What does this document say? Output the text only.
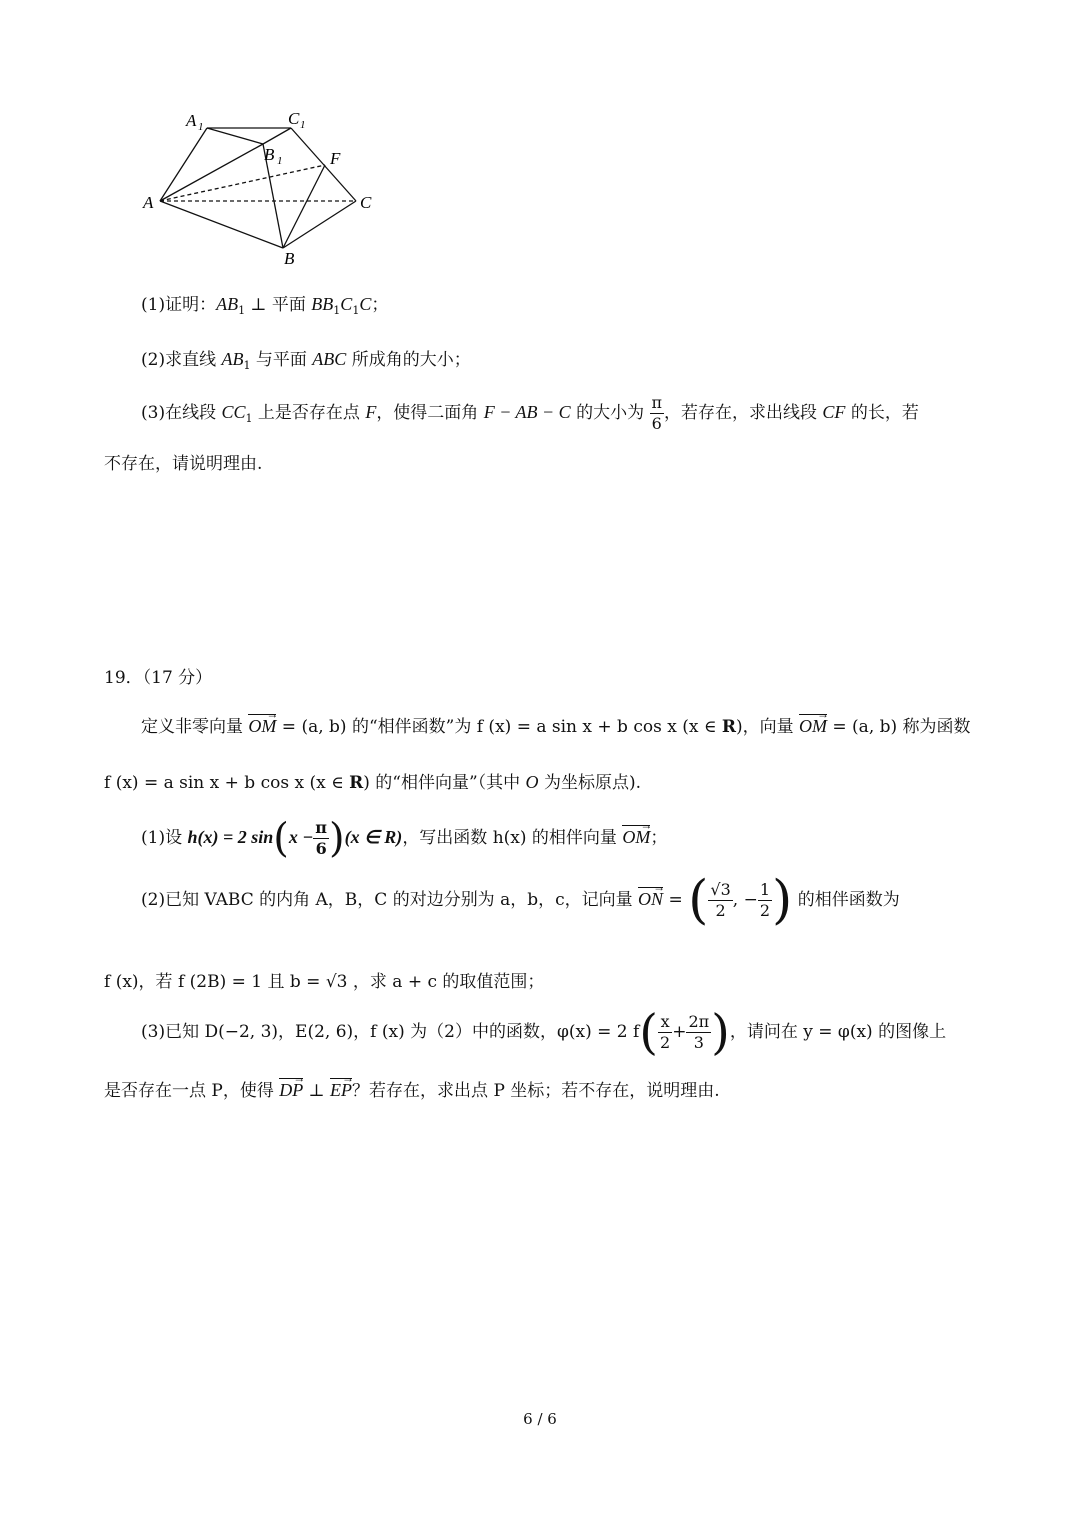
A 1	C 1
B 1	F
A	C
B
(1)证明：$AB_1$ ⊥ 平面 $BB_1C_1C$；
(2)求直线 $AB_1$ 与平面 ABC 所成角的大小；
(3)在线段 $CC_1$ 上是否存在点 F，使得二面角 F − AB − C 的大小为 $\frac{\pi}{6}$ ，若存在，求出线段 CF 的长，若
不存在，请说明理由.
19．（17 分）
定义非零向量 OM → = (a, b) 的“相伴函数”为 f (x) = a sin x + b cos x (x ∈ R)，向量 OM → = (a, b) 称为函数
f (x) = a sin x + b cos x (x ∈ R) 的“相伴向量”（其中 O 为坐标原点).
(1)设 h(x) = 2 $\sin(x - \frac{\pi}{6} )(x$ ∈ R)，写出函数 h(x) 的相伴向量 OM →；
(2)已知 VABC 的内角 A，B，C 的对边分别为 a，b，c，记向量 ON → = ( $\frac{√3}{2}$ , − $\frac{1}{2}$ ) 的相伴函数为
f (x)，若 f (2B) = 1 且 b = √3 ，求 a + c 的取值范围；
(3)已知 D(−2, 3)，E(2, 6)，f (x) 为（2）中的函数，φ(x) = 2 $f( \frac{x}{2} + \frac{2\pi}{3}$ )，请问在 y = φ(x) 的图像上
是否存在一点 P，使得 DP → ⊥ EP →？若存在，求出点 P 坐标；若不存在，说明理由.
6 / 6
